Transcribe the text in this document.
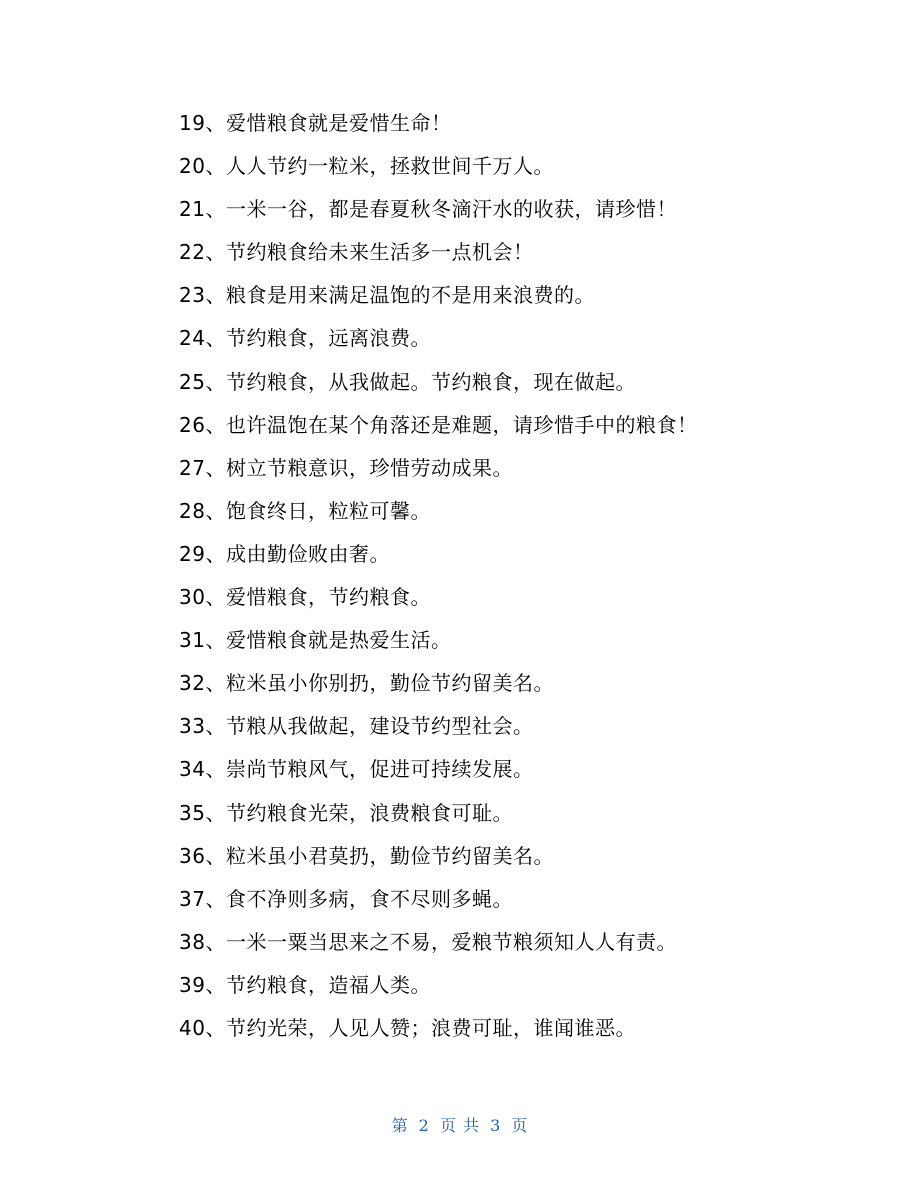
19、爱惜粮食就是爱惜生命！
20、人人节约一粒米，拯救世间千万人。
21、一米一谷，都是春夏秋冬滴汗水的收获，请珍惜！
22、节约粮食给未来生活多一点机会！
23、粮食是用来满足温饱的不是用来浪费的。
24、节约粮食，远离浪费。
25、节约粮食，从我做起。节约粮食，现在做起。
26、也许温饱在某个角落还是难题，请珍惜手中的粮食！
27、树立节粮意识，珍惜劳动成果。
28、饱食终日，粒粒可馨。
29、成由勤俭败由奢。
30、爱惜粮食，节约粮食。
31、爱惜粮食就是热爱生活。
32、粒米虽小你别扔，勤俭节约留美名。
33、节粮从我做起，建设节约型社会。
34、崇尚节粮风气，促进可持续发展。
35、节约粮食光荣，浪费粮食可耻。
36、粒米虽小君莫扔，勤俭节约留美名。
37、食不净则多病，食不尽则多蝇。
38、一米一粟当思来之不易，爱粮节粮须知人人有责。
39、节约粮食，造福人类。
40、节约光荣，人见人赞；浪费可耻，谁闻谁恶。
第 2 页 共 3 页
